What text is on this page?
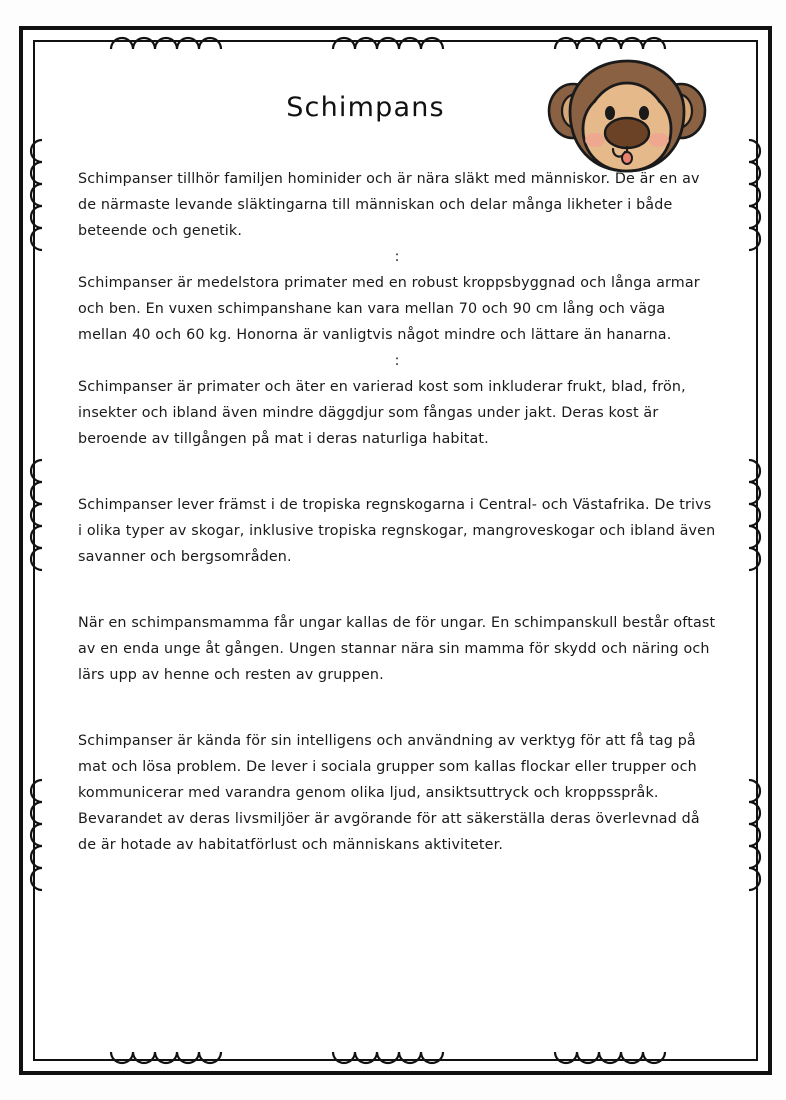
Schimpans

Schimpanser tillhör familjen hominider och är nära släkt med människor. De är en av de närmaste levande släktingarna till människan och delar många likheter i både beteende och genetik.

:

Schimpanser är medelstora primater med en robust kroppsbyggnad och långa armar och ben. En vuxen schimpanshane kan vara mellan 70 och 90 cm lång och väga mellan 40 och 60 kg. Honorna är vanligtvis något mindre och lättare än hanarna.

:

Schimpanser är primater och äter en varierad kost som inkluderar frukt, blad, frön, insekter och ibland även mindre däggdjur som fångas under jakt. Deras kost är beroende av tillgången på mat i deras naturliga habitat.

Schimpanser lever främst i de tropiska regnskogarna i Central- och Västafrika. De trivs i olika typer av skogar, inklusive tropiska regnskogar, mangroveskogar och ibland även savanner och bergsområden.

När en schimpansmamma får ungar kallas de för ungar. En schimpanskull består oftast av en enda unge åt gången. Ungen stannar nära sin mamma för skydd och näring och lärs upp av henne och resten av gruppen.

Schimpanser är kända för sin intelligens och användning av verktyg för att få tag på mat och lösa problem. De lever i sociala grupper som kallas flockar eller trupper och kommunicerar med varandra genom olika ljud, ansiktsuttryck och kroppsspråk. Bevarandet av deras livsmiljöer är avgörande för att säkerställa deras överlevnad då de är hotade av habitatförlust och människans aktiviteter.
